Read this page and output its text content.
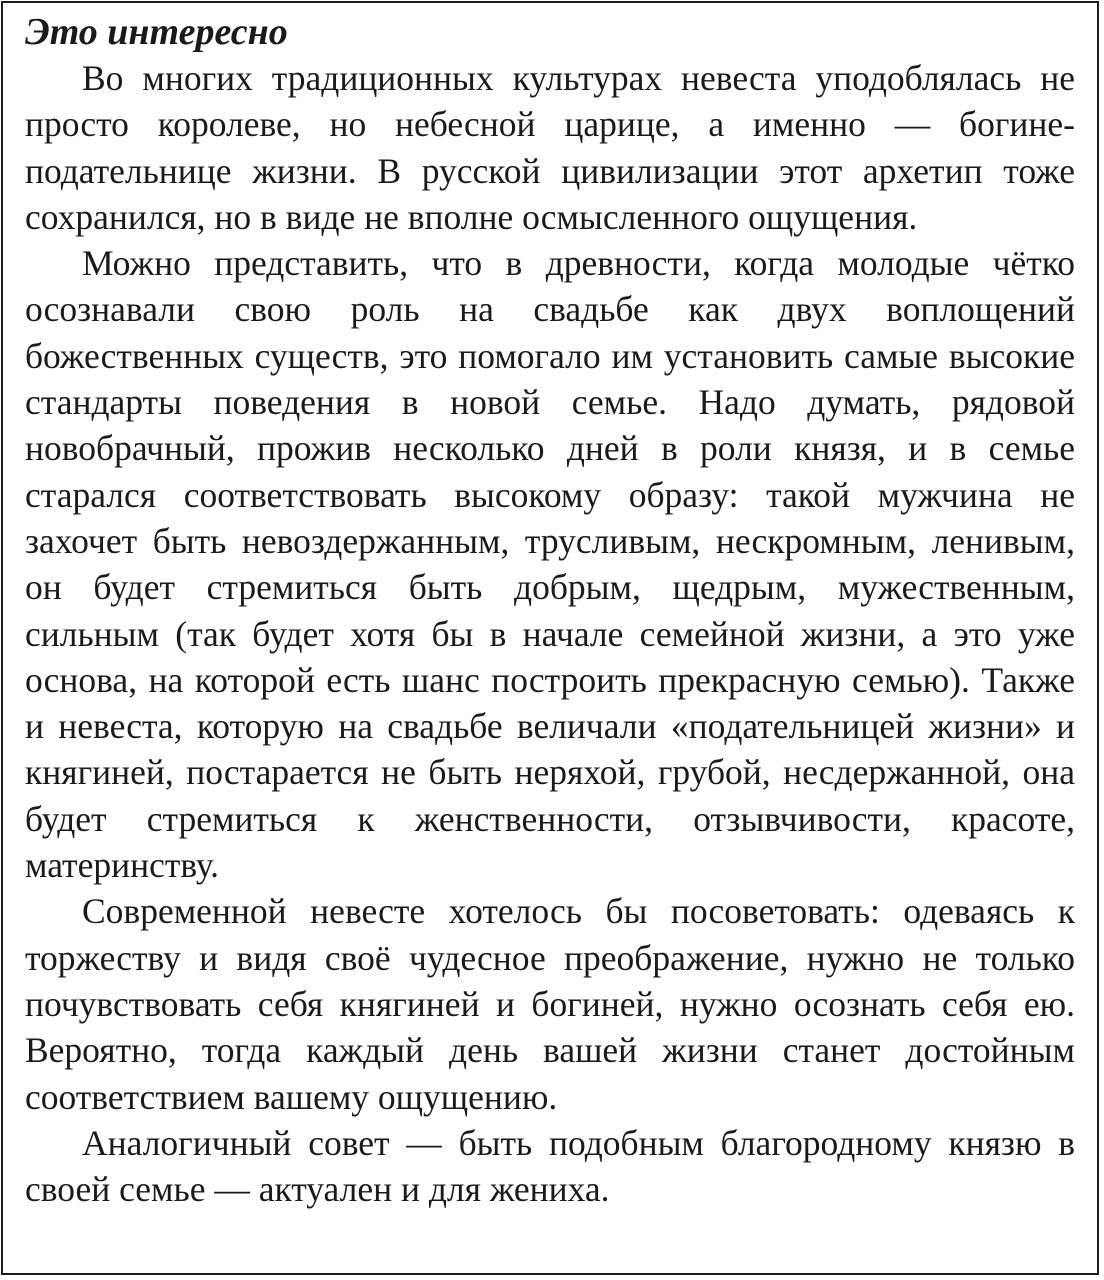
Это интересно

Во многих традиционных культурах невеста уподоблялась не просто королеве, но небесной царице, а именно — богине-подательнице жизни. В русской цивилизации этот архетип тоже сохранился, но в виде не вполне осмысленного ощущения.

Можно представить, что в древности, когда молодые чётко осознавали свою роль на свадьбе как двух воплощений божественных существ, это помогало им установить самые высокие стандарты поведения в новой семье. Надо думать, рядовой новобрачный, прожив несколько дней в роли князя, и в семье старался соответствовать высокому образу: такой мужчина не захочет быть невоздержанным, трусливым, нескромным, ленивым, он будет стремиться быть добрым, щедрым, мужественным, сильным (так будет хотя бы в начале семейной жизни, а это уже основа, на которой есть шанс построить прекрасную семью). Также и невеста, которую на свадьбе величали «подательницей жизни» и княгиней, постарается не быть неряхой, грубой, несдержанной, она будет стремиться к женственности, отзывчивости, красоте, материнству.

Современной невесте хотелось бы посоветовать: одеваясь к торжеству и видя своё чудесное преображение, нужно не только почувствовать себя княгиней и богиней, нужно осознать себя ею. Вероятно, тогда каждый день вашей жизни станет достойным соответствием вашему ощущению.

Аналогичный совет — быть подобным благородному князю в своей семье — актуален и для жениха.
